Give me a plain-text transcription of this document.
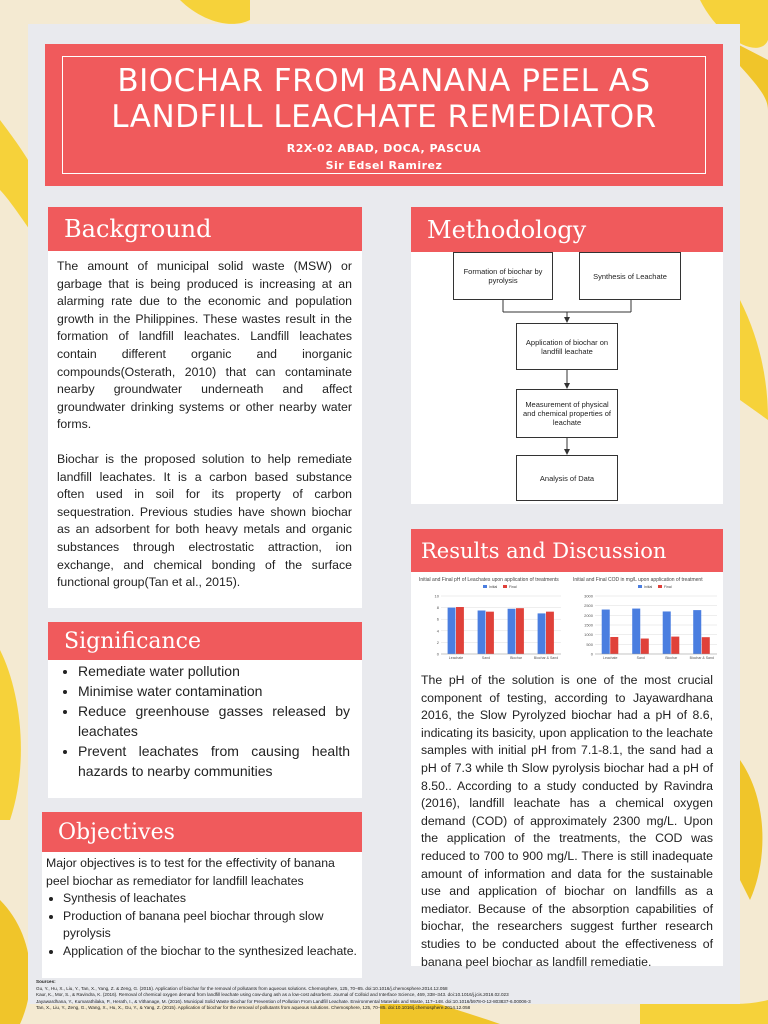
BIOCHAR FROM BANANA PEEL AS
LANDFILL LEACHATE REMEDIATOR
R2X-02 ABAD, DOCA, PASCUA
Sir Edsel Ramirez
Background

The amount of municipal solid waste (MSW) or garbage that is being produced is increasing at an alarming rate due to the economic and population growth in the Philippines. These wastes result in the formation of landfill leachates. Landfill leachates contain different organic and inorganic compounds(Osterath, 2010) that can contaminate nearby groundwater underneath and affect groundwater drinking systems or other nearby water forms.

Biochar is the proposed solution to help remediate landfill leachates. It is a carbon based substance often used in soil for its property of carbon sequestration. Previous studies have shown biochar as an adsorbent for both heavy metals and organic substances through electrostatic attraction, ion exchange, and chemical bonding of the surface functional group(Tan et al., 2015).

Significance
• Remediate water pollution
• Minimise water contamination
• Reduce greenhouse gasses released by leachates
• Prevent leachates from causing health hazards to nearby communities
Objectives
Major objectives is to test for the effectivity of banana peel biochar as remediator for landfill leachates
• Synthesis of leachates
• Production of banana peel biochar through slow pyrolysis
• Application of the biochar to the synthesized leachate.
Methodology
Formation of biochar by pyrolysis	Synthesis of Leachate
Application of biochar on landfill leachate
Measurement of physical and chemical properties of leachate
Analysis of Data
Results and Discussion
Initial and Final pH of Leachates upon application of treatments
Initial	Final
0
2
4
6
8
10
Leachate	Sand	Biochar	Biochar & Sand
Initial and Final COD in mg/L upon application of treatment
Initial	Final
0
500
1000
1500
2000
2500
3000
Leachate	Sand	Biochar	Biochar & Sand
The pH of the solution is one of the most crucial component of testing, according to Jayawardhana 2016, the Slow Pyrolyzed biochar had a pH of 8.6, indicating its basicity, upon application to the leachate samples with initial pH from 7.1-8.1, the sand had a pH of 7.3 while th Slow pyrolysis biochar had a pH of 8.50.. According to a study conducted by Ravindra (2016), landfill leachate has a chemical oxygen demand (COD) of approximately 2300 mg/L. Upon the application of the treatments, the COD was reduced to 700 to 900 mg/L. There is still inadequate amount of information and data for the sustainable use and application of biochar on landfills as a mediator. Because of the absorption capabilities of biochar, the researchers suggest further research studies to be conducted about the effectiveness of banana peel biochar as landfill remediatie.
Sources:
Gu, Y., Hu, X., Liu, Y., Tan, X., Yang, Z. & Zeng, G. (2015). Application of biochar for the removal of pollutants from aqueous solutions. Chemosphere, 125, 70–85. doi:10.1016/j.chemosphere.2014.12.058
Kaur, K., Mor, S., & Ravindra, K. (2016). Removal of chemical oxygen demand from landfill leachate using cow-dung ash as a low-cost adsorbent. Journal of Colloid and Interface Science, 469, 338–343. doi:10.1016/j.jcis.2016.02.023
Jayawardhana, Y., Kumarathilaka, P., Herath, I., & Vithanage, M. (2016). Municipal Solid Waste Biochar for Prevention of Pollution From Landfill Leachate. Environmental Materials and Waste, 117–148. doi:10.1016/b978-0-12-803837-6.00006-3
Tan, X., Liu, Y., Zeng, G., Wang, X., Hu, X., Gu, Y., & Yang, Z. (2015). Application of biochar for the removal of pollutants from aqueous solutions. Chemosphere, 125, 70–85. doi:10.1016/j.chemosphere.2014.12.058
